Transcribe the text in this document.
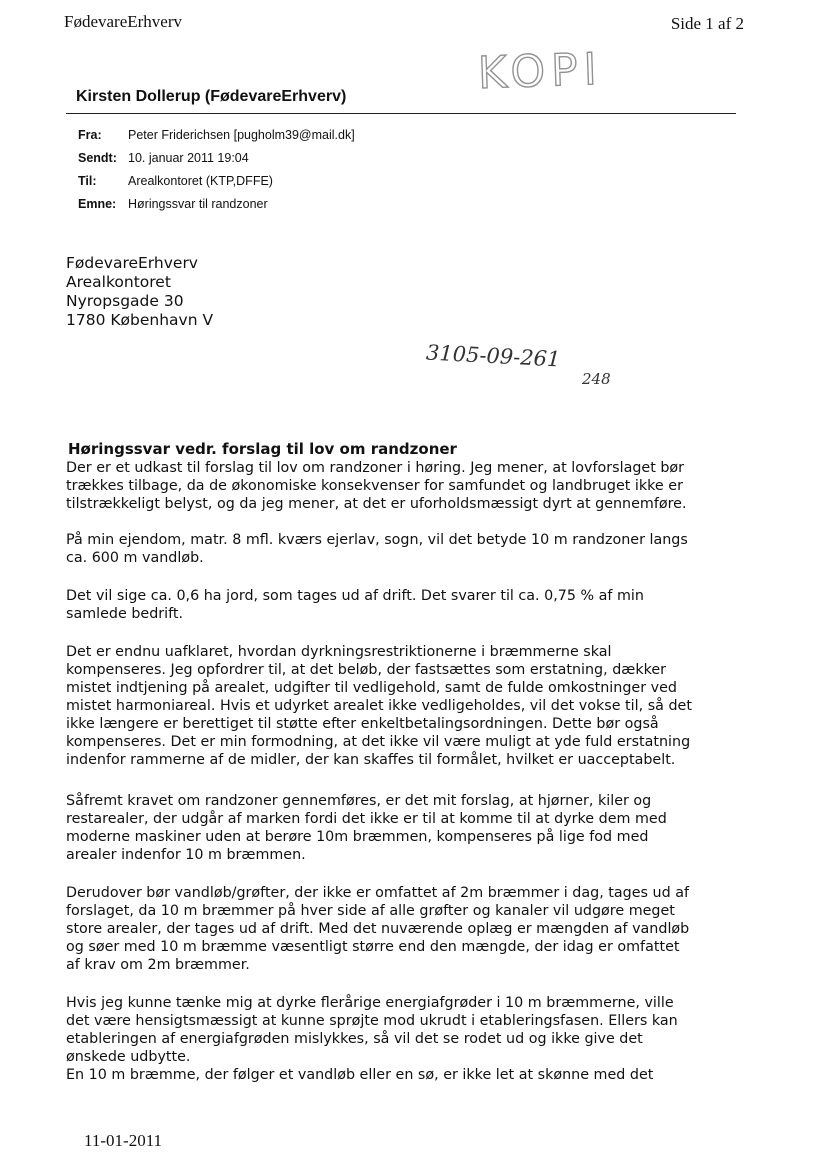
FødevareErhverv	Side 1 af 2
KOPI
Kirsten Dollerup (FødevareErhverv)
Fra:	Peter Friderichsen [pugholm39@mail.dk]
Sendt: 10. januar 2011 19:04
Til:	Arealkontoret (KTP,DFFE)
Emne: Høringssvar til randzoner
FødevareErhverv
Arealkontoret
Nyropsgade 30
1780 København V
3105-09-261
248
Høringssvar vedr. forslag til lov om randzoner
Der er et udkast til forslag til lov om randzoner i høring. Jeg mener, at lovforslaget bør
trækkes tilbage, da de økonomiske konsekvenser for samfundet og landbruget ikke er
tilstrækkeligt belyst, og da jeg mener, at det er uforholdsmæssigt dyrt at gennemføre.
På min ejendom, matr. 8 mfl. kværs ejerlav, sogn, vil det betyde 10 m randzoner langs
ca. 600 m vandløb.
Det vil sige ca. 0,6 ha jord, som tages ud af drift. Det svarer til ca. 0,75 % af min
samlede bedrift.
Det er endnu uafklaret, hvordan dyrkningsrestriktionerne i bræmmerne skal
kompenseres. Jeg opfordrer til, at det beløb, der fastsættes som erstatning, dækker
mistet indtjening på arealet, udgifter til vedligehold, samt de fulde omkostninger ved
mistet harmoniareal. Hvis et udyrket arealet ikke vedligeholdes, vil det vokse til, så det
ikke længere er berettiget til støtte efter enkeltbetalingsordningen. Dette bør også
kompenseres. Det er min formodning, at det ikke vil være muligt at yde fuld erstatning
indenfor rammerne af de midler, der kan skaffes til formålet, hvilket er uacceptabelt.
Såfremt kravet om randzoner gennemføres, er det mit forslag, at hjørner, kiler og
restarealer, der udgår af marken fordi det ikke er til at komme til at dyrke dem med
moderne maskiner uden at berøre 10m bræmmen, kompenseres på lige fod med
arealer indenfor 10 m bræmmen.
Derudover bør vandløb/grøfter, der ikke er omfattet af 2m bræmmer i dag, tages ud af
forslaget, da 10 m bræmmer på hver side af alle grøfter og kanaler vil udgøre meget
store arealer, der tages ud af drift. Med det nuværende oplæg er mængden af vandløb
og søer med 10 m bræmme væsentligt større end den mængde, der idag er omfattet
af krav om 2m bræmmer.
Hvis jeg kunne tænke mig at dyrke flerårige energiafgrøder i 10 m bræmmerne, ville
det være hensigtsmæssigt at kunne sprøjte mod ukrudt i etableringsfasen. Ellers kan
etableringen af energiafgrøden mislykkes, så vil det se rodet ud og ikke give det
ønskede udbytte.
En 10 m bræmme, der følger et vandløb eller en sø, er ikke let at skønne med det
11-01-2011
